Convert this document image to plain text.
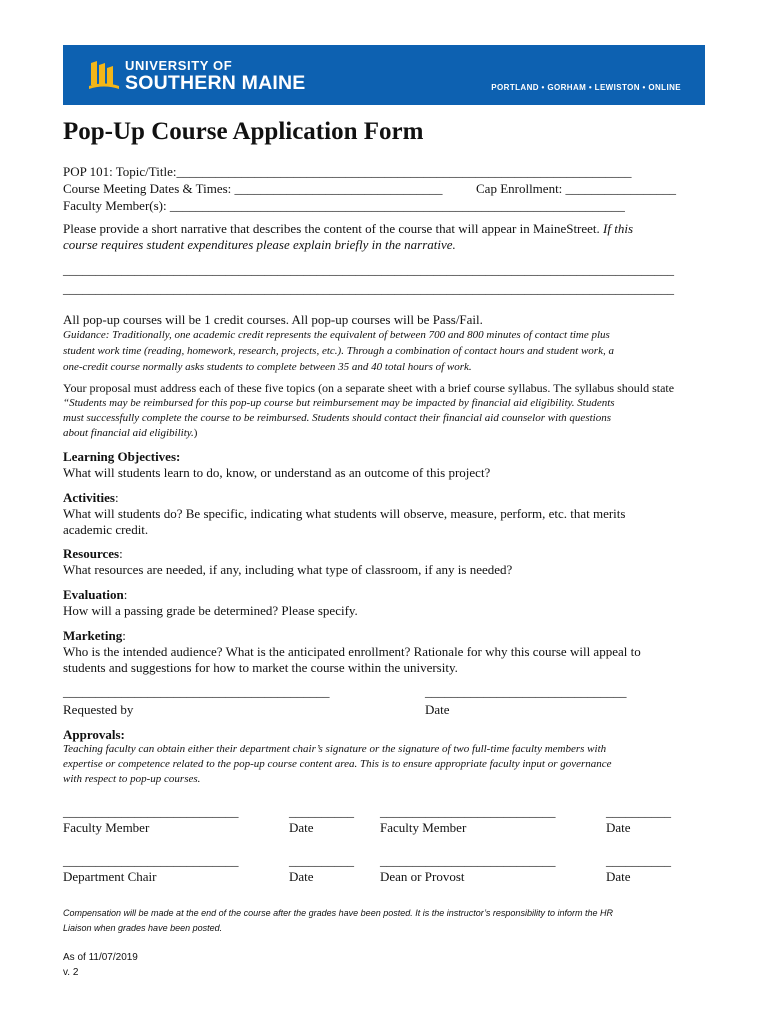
UNIVERSITY OF
SOUTHERN MAINE	PORTLAND • GORHAM • LEWISTON • ONLINE
Pop-Up Course Application Form
POP 101: Topic/Title:______________________________________________________________________
Course Meeting Dates & Times: ________________________________	Cap Enrollment: _________________
Faculty Member(s): ______________________________________________________________________
Please provide a short narrative that describes the content of the course that will appear in MaineStreet. If this
course requires student expenditures please explain briefly in the narrative.
______________________________________________________________________________________________
______________________________________________________________________________________________
All pop-up courses will be 1 credit courses. All pop-up courses will be Pass/Fail.
Guidance: Traditionally, one academic credit represents the equivalent of between 700 and 800 minutes of contact time plus
student work time (reading, homework, research, projects, etc.). Through a combination of contact hours and student work, a
one-credit course normally asks students to complete between 35 and 40 total hours of work.
Your proposal must address each of these five topics (on a separate sheet with a brief course syllabus. The syllabus should state
“Students may be reimbursed for this pop-up course but reimbursement may be impacted by financial aid eligibility. Students
must successfully complete the course to be reimbursed. Students should contact their financial aid counselor with questions
about financial aid eligibility.)
Learning Objectives:
What will students learn to do, know, or understand as an outcome of this project?
Activities:
What will students do? Be specific, indicating what students will observe, measure, perform, etc. that merits
academic credit.
Resources:
What resources are needed, if any, including what type of classroom, if any is needed?
Evaluation:
How will a passing grade be determined? Please specify.
Marketing:
Who is the intended audience? What is the anticipated enrollment? Rationale for why this course will appeal to
students and suggestions for how to market the course within the university.
_________________________________________	_______________________________
Requested by	Date
Approvals:
Teaching faculty can obtain either their department chair’s signature or the signature of two full-time faculty members with
expertise or competence related to the pop-up course content area. This is to ensure appropriate faculty input or governance
with respect to pop-up courses.
___________________________	__________ ___________________________	__________
Faculty Member	Date	Faculty Member	Date
___________________________	__________ ___________________________	__________
Department Chair	Date	Dean or Provost	Date
Compensation will be made at the end of the course after the grades have been posted. It is the instructor’s responsibility to inform the HR
Liaison when grades have been posted.
As of 11/07/2019
v. 2
